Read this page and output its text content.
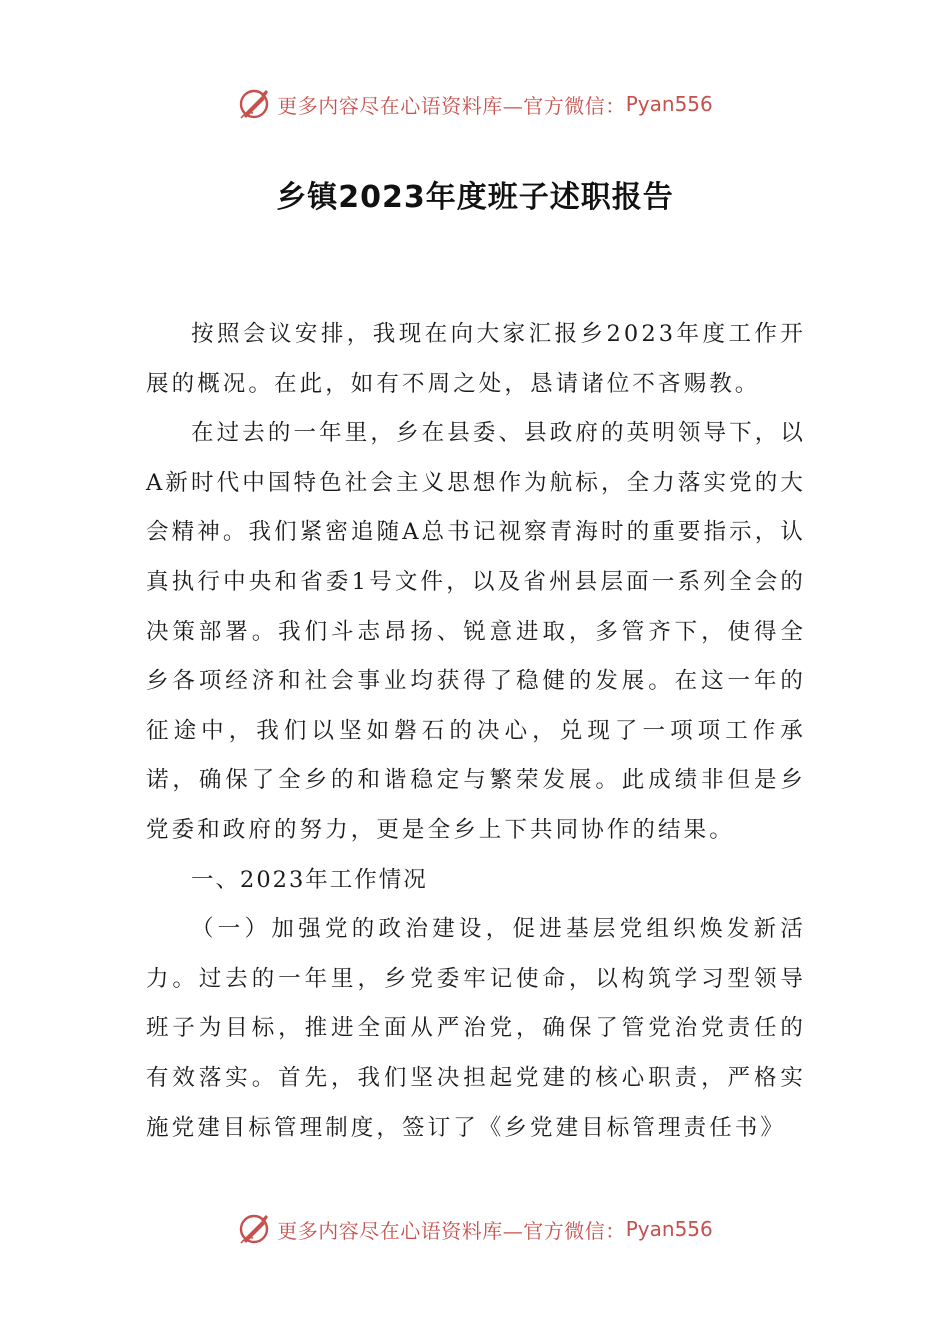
更多内容尽在心语资料库—官方微信： Pyan556
乡镇2023年度班子述职报告

按照会议安排，我现在向大家汇报乡2023年度工作开展的概况。在此，如有不周之处，恳请诸位不吝赐教。

在过去的一年里，乡在县委、县政府的英明领导下，以A新时代中国特色社会主义思想作为航标，全力落实党的大会精神。我们紧密追随A总书记视察青海时的重要指示，认真执行中央和省委1号文件，以及省州县层面一系列全会的决策部署。我们斗志昂扬、锐意进取，多管齐下，使得全乡各项经济和社会事业均获得了稳健的发展。在这一年的征途中，我们以坚如磐石的决心，兑现了一项项工作承诺，确保了全乡的和谐稳定与繁荣发展。此成绩非但是乡党委和政府的努力，更是全乡上下共同协作的结果。

一、2023年工作情况

（一）加强党的政治建设，促进基层党组织焕发新活力。过去的一年里，乡党委牢记使命，以构筑学习型领导班子为目标，推进全面从严治党，确保了管党治党责任的有效落实。首先，我们坚决担起党建的核心职责，严格实施党建目标管理制度，签订了《乡党建目标管理责任书》

更多内容尽在心语资料库—官方微信： Pyan556
